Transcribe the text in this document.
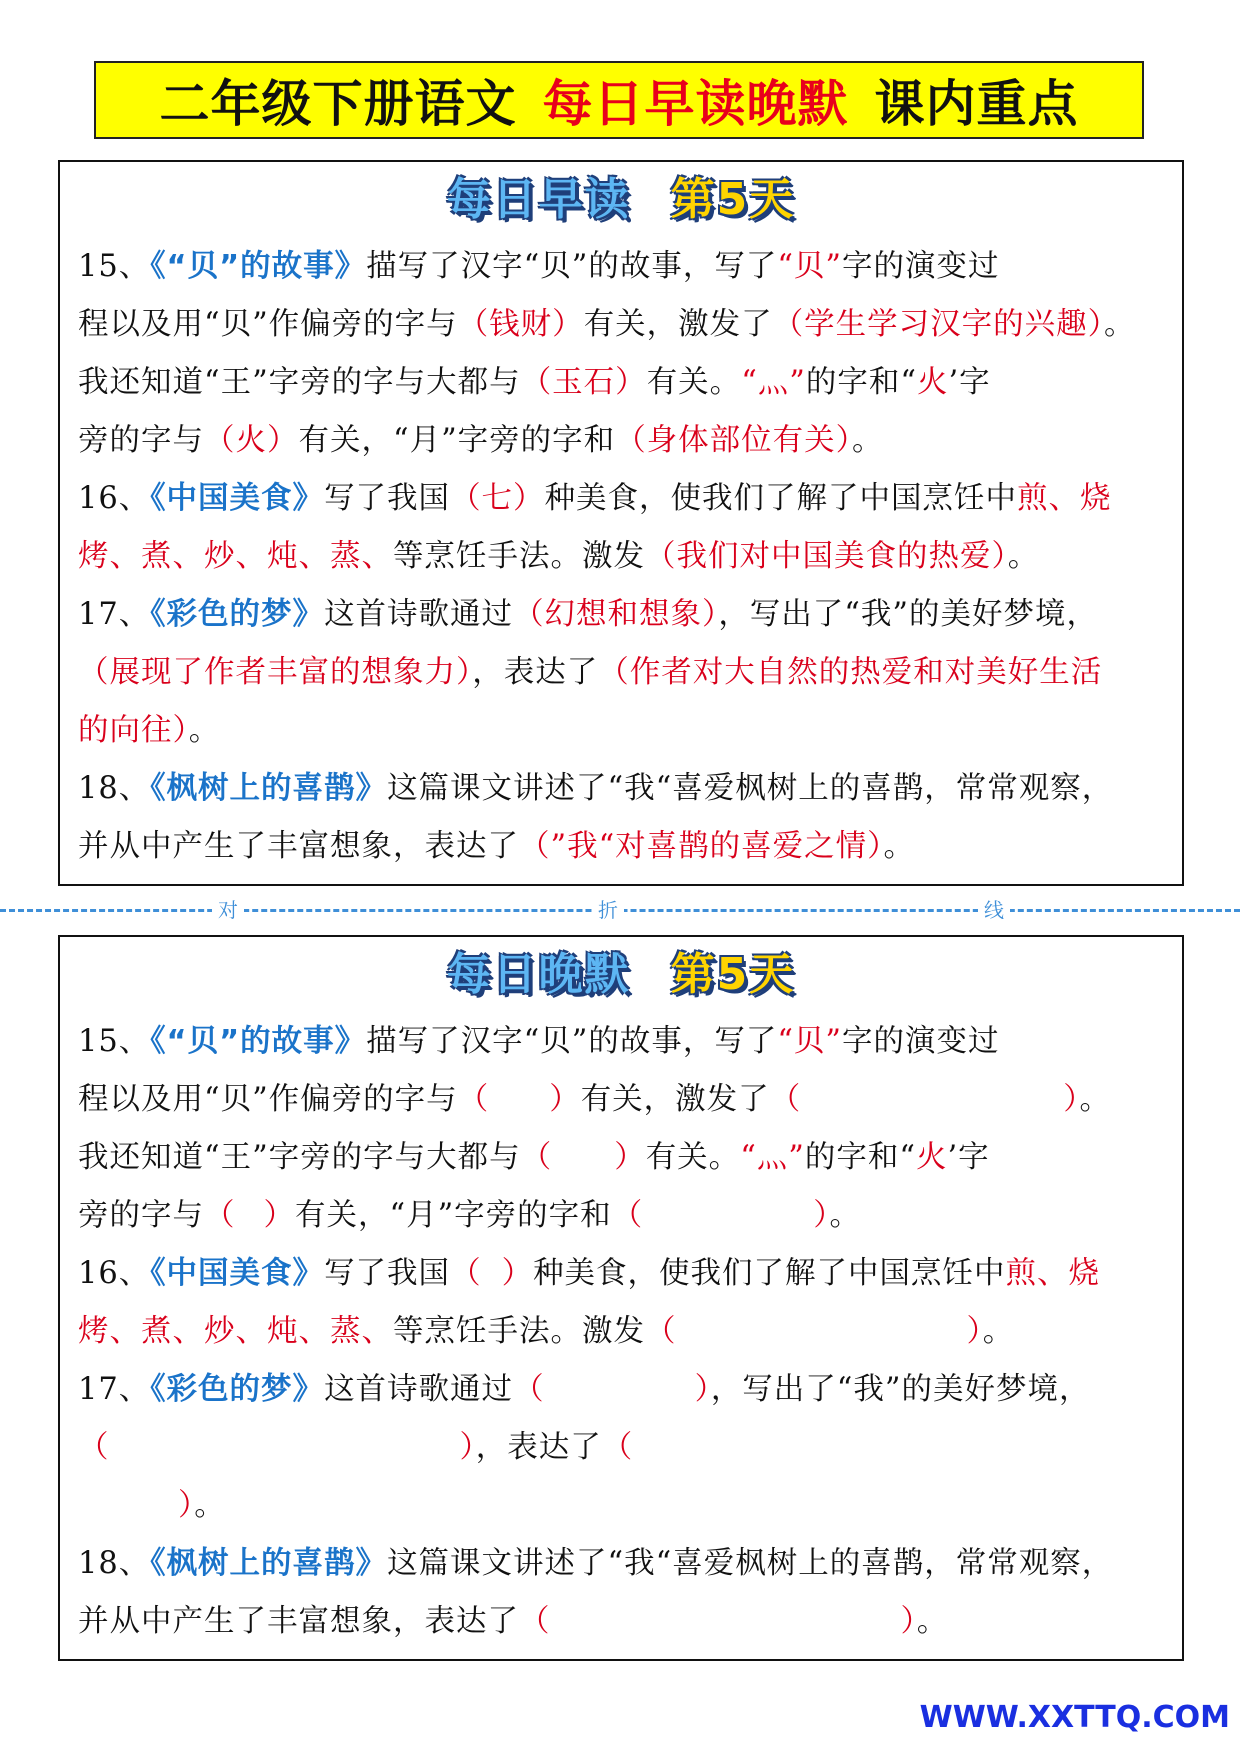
二年级下册语文 每日早读晚默 课内重点
每日早读 第5天
15、《“贝”的故事》描写了汉字“贝”的故事，写了“贝”字的演变过
程以及用“贝”作偏旁的字与（钱财）有关，激发了（学生学习汉字的兴趣）。
我还知道“王”字旁的字与大都与（玉石）有关。“灬”的字和“火’字
旁的字与（火）有关，“月”字旁的字和（身体部位有关）。
16、《中国美食》写了我国（七）种美食，使我们了解了中国烹饪中煎、烧
烤、煮、炒、炖、蒸、等烹饪手法。激发（我们对中国美食的热爱）。
17、《彩色的梦》这首诗歌通过（幻想和想象），写出了“我”的美好梦境，
（展现了作者丰富的想象力），表达了（作者对大自然的热爱和对美好生活
的向往）。
18、《枫树上的喜鹊》这篇课文讲述了“我“喜爱枫树上的喜鹊，常常观察，
并从中产生了丰富想象，表达了（”我“对喜鹊的喜爱之情）。
对	折	线
每日晚默 第5天
15、《“贝”的故事》描写了汉字“贝”的故事，写了“贝”字的演变过
程以及用“贝”作偏旁的字与（ ）有关，激发了（	）。
我还知道“王”字旁的字与大都与（ ）有关。“灬”的字和“火’字
旁的字与（ ）有关，“月”字旁的字和（	）。
16、《中国美食》写了我国（ ）种美食，使我们了解了中国烹饪中煎、烧
烤、煮、炒、炖、蒸、等烹饪手法。激发（	）。
17、《彩色的梦》这首诗歌通过（	），写出了“我”的美好梦境，
（	），表达了（
）。
18、《枫树上的喜鹊》这篇课文讲述了“我“喜爱枫树上的喜鹊，常常观察，
并从中产生了丰富想象，表达了（	）。
WWW.XXTTQ.COM
